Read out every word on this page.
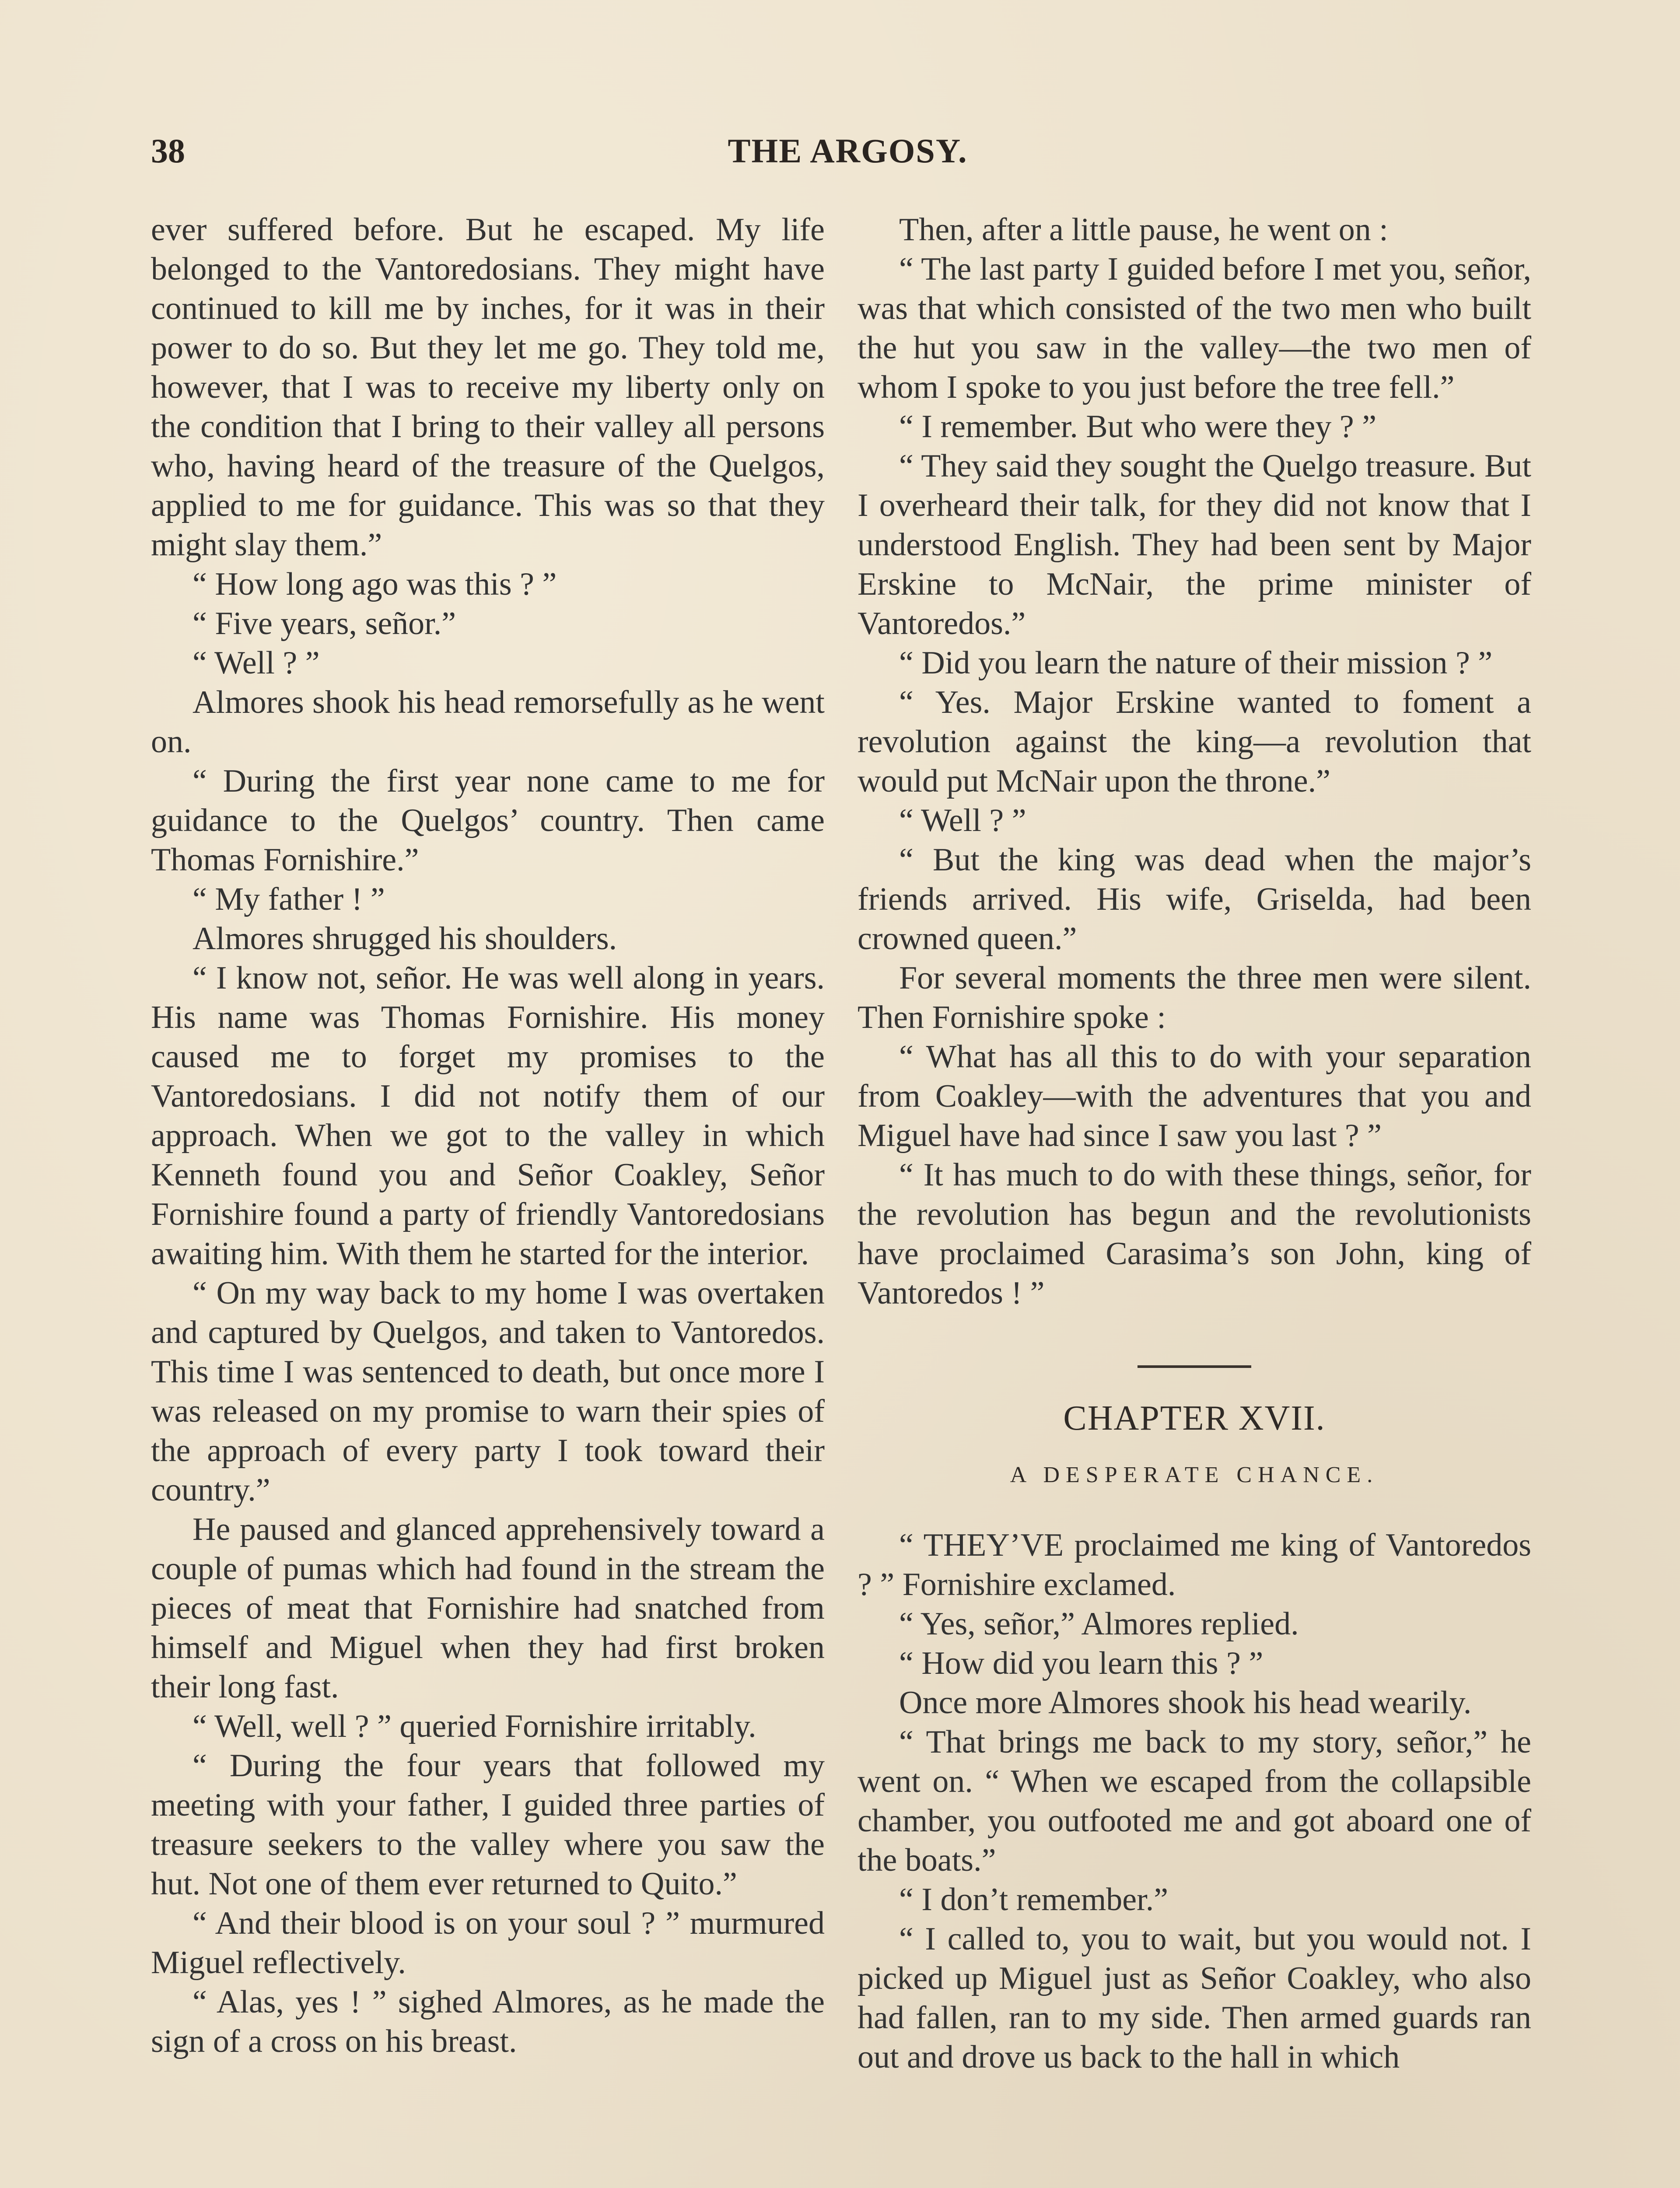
38	THE ARGOSY.

ever suffered before. But he escaped. My life belonged to the Vantoredosians. They might have continued to kill me by inches, for it was in their power to do so. But they let me go. They told me, however, that I was to receive my liberty only on the condition that I bring to their valley all persons who, having heard of the treasure of the Quelgos, applied to me for guidance. This was so that they might slay them.”

“ How long ago was this ? ”

“ Five years, señor.”

“ Well ? ”

Almores shook his head remorsefully as he went on.

“ During the first year none came to me for guidance to the Quelgos’ country. Then came Thomas Fornishire.”

“ My father ! ”

Almores shrugged his shoulders.

“ I know not, señor. He was well along in years. His name was Thomas Fornishire. His money caused me to forget my promises to the Vantoredosians. I did not notify them of our approach. When we got to the valley in which Kenneth found you and Señor Coakley, Señor Fornishire found a party of friendly Vantoredosians awaiting him. With them he started for the interior.

“ On my way back to my home I was overtaken and captured by Quelgos, and taken to Vantoredos. This time I was sentenced to death, but once more I was released on my promise to warn their spies of the approach of every party I took toward their country.”

He paused and glanced apprehensively toward a couple of pumas which had found in the stream the pieces of meat that Fornishire had snatched from himself and Miguel when they had first broken their long fast.

“ Well, well ? ” queried Fornishire irritably.

“ During the four years that followed my meeting with your father, I guided three parties of treasure seekers to the valley where you saw the hut. Not one of them ever returned to Quito.”

“ And their blood is on your soul ? ” murmured Miguel reflectively.

“ Alas, yes ! ” sighed Almores, as he made the sign of a cross on his breast.

Then, after a little pause, he went on :

“ The last party I guided before I met you, señor, was that which consisted of the two men who built the hut you saw in the valley—the two men of whom I spoke to you just before the tree fell.”

“ I remember. But who were they ? ”

“ They said they sought the Quelgo treasure. But I overheard their talk, for they did not know that I understood English. They had been sent by Major Erskine to McNair, the prime minister of Vantoredos.”

“ Did you learn the nature of their mission ? ”

“ Yes. Major Erskine wanted to foment a revolution against the king—a revolution that would put McNair upon the throne.”

“ Well ? ”

“ But the king was dead when the major’s friends arrived. His wife, Griselda, had been crowned queen.”

For several moments the three men were silent. Then Fornishire spoke :

“ What has all this to do with your separation from Coakley—with the adventures that you and Miguel have had since I saw you last ? ”

“ It has much to do with these things, señor, for the revolution has begun and the revolutionists have proclaimed Carasima’s son John, king of Vantoredos ! ”

CHAPTER XVII.
A DESPERATE CHANCE.

“ THEY’VE proclaimed me king of Vantoredos ? ” Fornishire exclamed.

“ Yes, señor,” Almores replied.

“ How did you learn this ? ”

Once more Almores shook his head wearily.

“ That brings me back to my story, señor,” he went on. “ When we escaped from the collapsible chamber, you outfooted me and got aboard one of the boats.”

“ I don’t remember.”

“ I called to, you to wait, but you would not. I picked up Miguel just as Señor Coakley, who also had fallen, ran to my side. Then armed guards ran out and drove us back to the hall in which
